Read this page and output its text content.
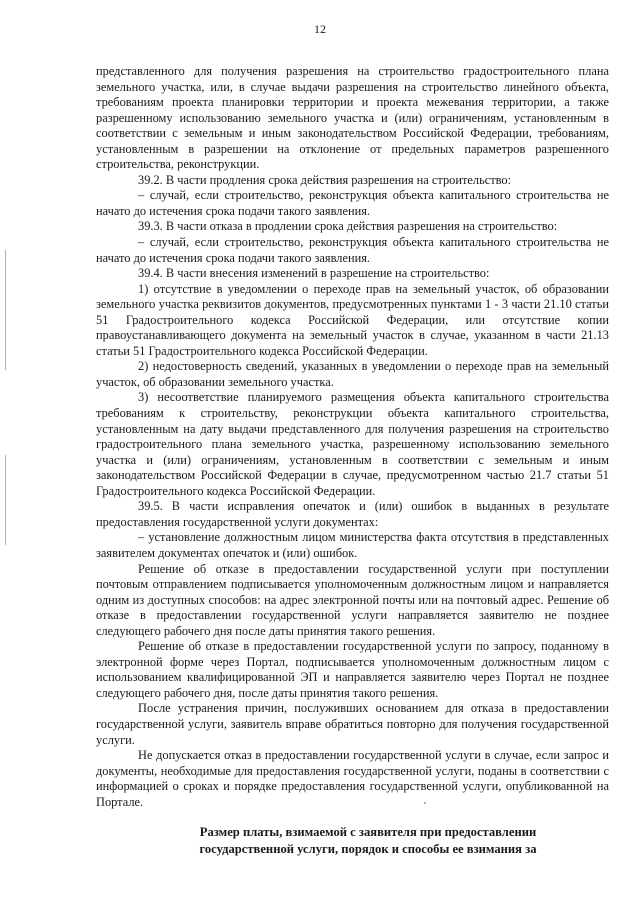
12

представленного для получения разрешения на строительство градостроительного плана земельного участка, или, в случае выдачи разрешения на строительство линейного объекта, требованиям проекта планировки территории и проекта межевания территории, а также разрешенному использованию земельного участка и (или) ограничениям, установленным в соответствии с земельным и иным законодательством Российской Федерации, требованиям, установленным в разрешении на отклонение от предельных параметров разрешенного строительства, реконструкции.

39.2. В части продления срока действия разрешения на строительство:

– случай, если строительство, реконструкция объекта капитального строительства не начато до истечения срока подачи такого заявления.

39.3. В части отказа в продлении срока действия разрешения на строительство:

– случай, если строительство, реконструкция объекта капитального строительства не начато до истечения срока подачи такого заявления.

39.4. В части внесения изменений в разрешение на строительство:

1) отсутствие в уведомлении о переходе прав на земельный участок, об образовании земельного участка реквизитов документов, предусмотренных пунктами 1 - 3 части 21.10 статьи 51 Градостроительного кодекса Российской Федерации, или отсутствие копии правоустанавливающего документа на земельный участок в случае, указанном в части 21.13 статьи 51 Градостроительного кодекса Российской Федерации.

2) недостоверность сведений, указанных в уведомлении о переходе прав на земельный участок, об образовании земельного участка.

3) несоответствие планируемого размещения объекта капитального строительства требованиям к строительству, реконструкции объекта капитального строительства, установленным на дату выдачи представленного для получения разрешения на строительство градостроительного плана земельного участка, разрешенному использованию земельного участка и (или) ограничениям, установленным в соответствии с земельным и иным законодательством Российской Федерации в случае, предусмотренном частью 21.7 статьи 51 Градостроительного кодекса Российской Федерации.

39.5. В части исправления опечаток и (или) ошибок в выданных в результате предоставления государственной услуги документах:

– установление должностным лицом министерства факта отсутствия в представленных заявителем документах опечаток и (или) ошибок.

Решение об отказе в предоставлении государственной услуги при поступлении почтовым отправлением подписывается уполномоченным должностным лицом и направляется одним из доступных способов: на адрес электронной почты или на почтовый адрес. Решение об отказе в предоставлении государственной услуги направляется заявителю не позднее следующего рабочего дня после даты принятия такого решения.

Решение об отказе в предоставлении государственной услуги по запросу, поданному в электронной форме через Портал, подписывается уполномоченным должностным лицом с использованием квалифицированной ЭП и направляется заявителю через Портал не позднее следующего рабочего дня, после даты принятия такого решения.

После устранения причин, послуживших основанием для отказа в предоставлении государственной услуги, заявитель вправе обратиться повторно для получения государственной услуги.

Не допускается отказ в предоставлении государственной услуги в случае, если запрос и документы, необходимые для предоставления государственной услуги, поданы в соответствии с информацией о сроках и порядке предоставления государственной услуги, опубликованной на Портале.

Размер платы, взимаемой с заявителя при предоставлении
государственной услуги, порядок и способы ее взимания за
